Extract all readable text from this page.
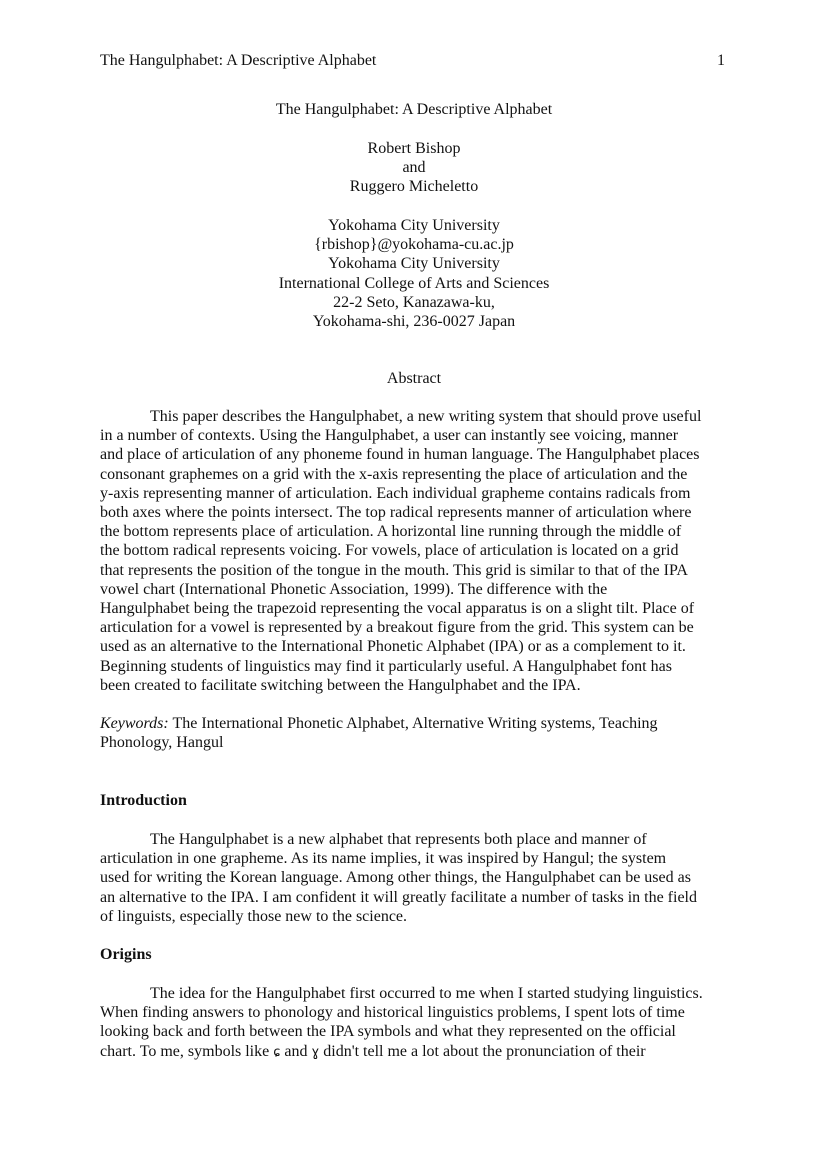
The Hangulphabet: A Descriptive Alphabet	1
The Hangulphabet: A Descriptive Alphabet
Robert Bishop
and
Ruggero Micheletto
Yokohama City University
{rbishop}@yokohama-cu.ac.jp
Yokohama City University
International College of Arts and Sciences
22-2 Seto, Kanazawa-ku,
Yokohama-shi, 236-0027 Japan
Abstract
This paper describes the Hangulphabet, a new writing system that should prove useful
in a number of contexts. Using the Hangulphabet, a user can instantly see voicing, manner
and place of articulation of any phoneme found in human language. The Hangulphabet places
consonant graphemes on a grid with the x-axis representing the place of articulation and the
y-axis representing manner of articulation. Each individual grapheme contains radicals from
both axes where the points intersect. The top radical represents manner of articulation where
the bottom represents place of articulation. A horizontal line running through the middle of
the bottom radical represents voicing. For vowels, place of articulation is located on a grid
that represents the position of the tongue in the mouth. This grid is similar to that of the IPA
vowel chart (International Phonetic Association, 1999). The difference with the
Hangulphabet being the trapezoid representing the vocal apparatus is on a slight tilt. Place of
articulation for a vowel is represented by a breakout figure from the grid. This system can be
used as an alternative to the International Phonetic Alphabet (IPA) or as a complement to it.
Beginning students of linguistics may find it particularly useful. A Hangulphabet font has
been created to facilitate switching between the Hangulphabet and the IPA.
Keywords: The International Phonetic Alphabet, Alternative Writing systems, Teaching
Phonology, Hangul
Introduction
The Hangulphabet is a new alphabet that represents both place and manner of
articulation in one grapheme. As its name implies, it was inspired by Hangul; the system
used for writing the Korean language. Among other things, the Hangulphabet can be used as
an alternative to the IPA. I am confident it will greatly facilitate a number of tasks in the field
of linguists, especially those new to the science.
Origins
The idea for the Hangulphabet first occurred to me when I started studying linguistics.
When finding answers to phonology and historical linguistics problems, I spent lots of time
looking back and forth between the IPA symbols and what they represented on the official
chart. To me, symbols like ɕ and ɣ didn't tell me a lot about the pronunciation of their
